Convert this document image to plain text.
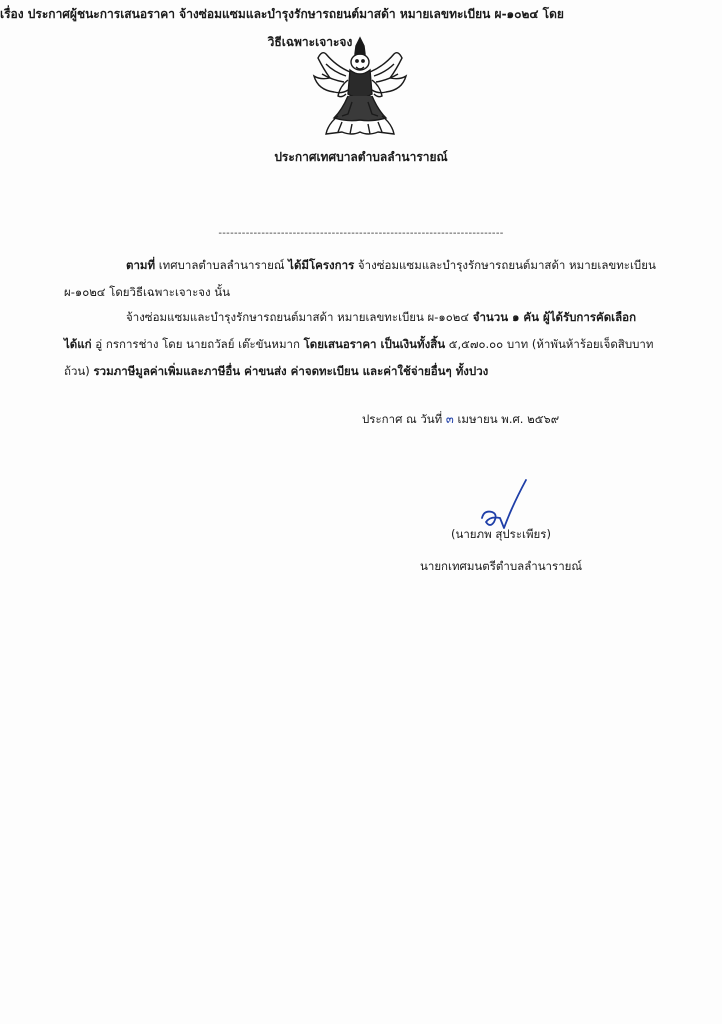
ประกาศเทศบาลตำบลลำนารายณ์
เรื่อง ประกาศผู้ชนะการเสนอราคา จ้างซ่อมแซมและบำรุงรักษารถยนต์มาสด้า หมายเลขทะเบียน ผ-๑๐๒๔ โดย
วิธีเฉพาะเจาะจง
-------------------------------------------------------------------------
ตามที่ เทศบาลตำบลลำนารายณ์ ได้มีโครงการ จ้างซ่อมแซมและบำรุงรักษารถยนต์มาสด้า หมายเลขทะเบียน ผ-๑๐๒๔ โดยวิธีเฉพาะเจาะจง นั้น
จ้างซ่อมแซมและบำรุงรักษารถยนต์มาสด้า หมายเลขทะเบียน ผ-๑๐๒๔ จำนวน ๑ คัน ผู้ได้รับการคัดเลือก ได้แก่ อู่ กรการช่าง โดย นายถวัลย์ เต๊ะขันหมาก โดยเสนอราคา เป็นเงินทั้งสิ้น ๕,๕๗๐.๐๐ บาท (ห้าพันห้าร้อยเจ็ดสิบบาทถ้วน) รวมภาษีมูลค่าเพิ่มและภาษีอื่น ค่าขนส่ง ค่าจดทะเบียน และค่าใช้จ่ายอื่นๆ ทั้งปวง
ประกาศ ณ วันที่ ๓ เมษายน พ.ศ. ๒๕๖๙
(นายภพ สุประเพียร)
นายกเทศมนตรีตำบลลำนารายณ์
